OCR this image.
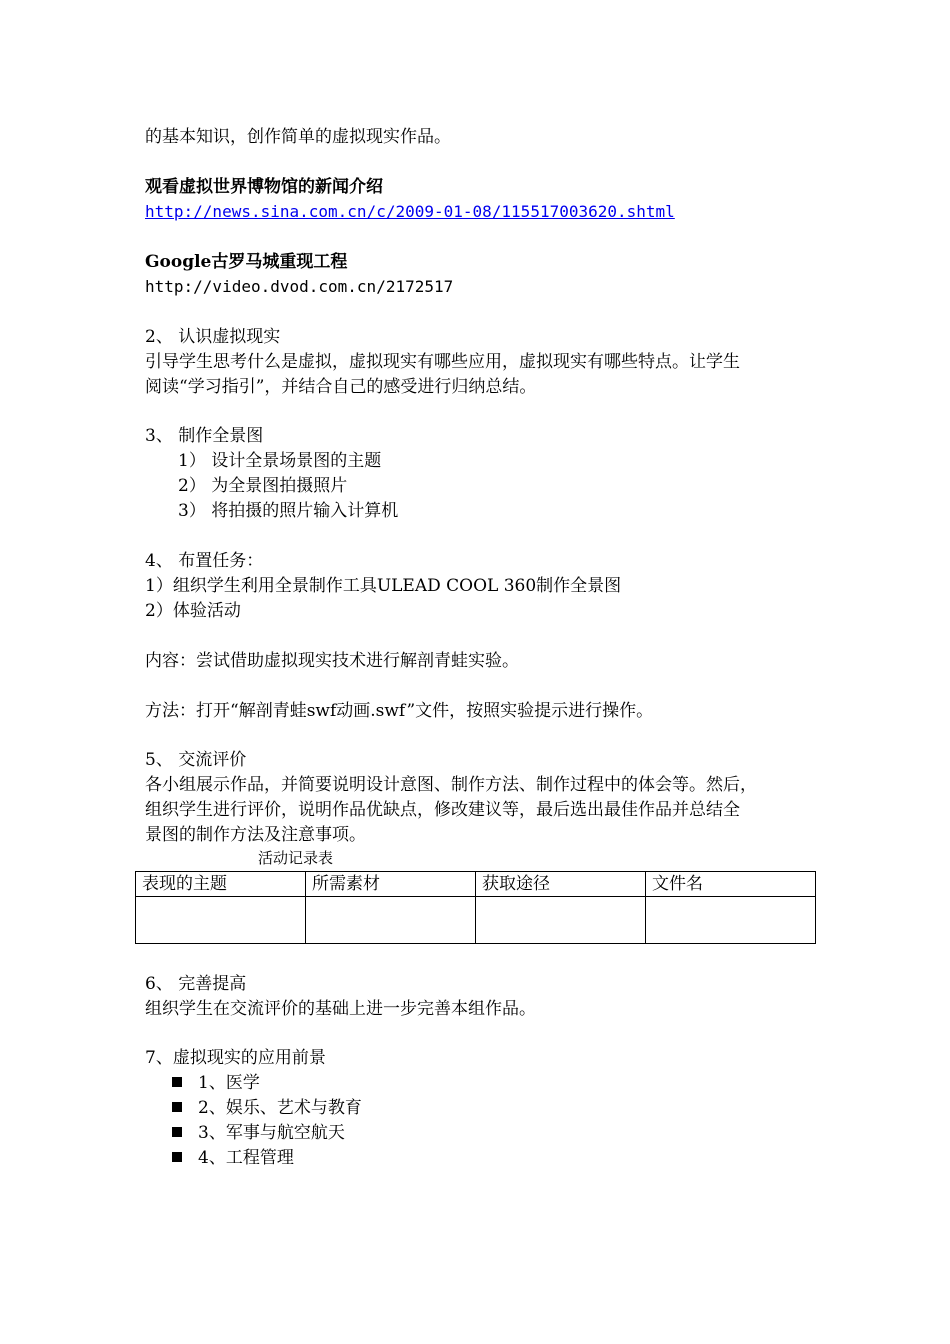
的基本知识，创作简单的虚拟现实作品。
观看虚拟世界博物馆的新闻介绍
http://news.sina.com.cn/c/2009-01-08/115517003620.shtml
Google古罗马城重现工程
http://video.dvod.com.cn/2172517
2、 认识虚拟现实
引导学生思考什么是虚拟，虚拟现实有哪些应用，虚拟现实有哪些特点。让学生
阅读“学习指引”，并结合自己的感受进行归纳总结。
3、 制作全景图
1） 设计全景场景图的主题
2） 为全景图拍摄照片
3） 将拍摄的照片输入计算机
4、 布置任务：
1）组织学生利用全景制作工具ULEAD COOL 360制作全景图
2）体验活动
内容：尝试借助虚拟现实技术进行解剖青蛙实验。
方法：打开“解剖青蛙swf动画.swf”文件，按照实验提示进行操作。
5、 交流评价
各小组展示作品，并简要说明设计意图、制作方法、制作过程中的体会等。然后，
组织学生进行评价，说明作品优缺点，修改建议等，最后选出最佳作品并总结全
景图的制作方法及注意事项。
活动记录表
表现的主题	所需素材	获取途径	文件名

6、 完善提高
组织学生在交流评价的基础上进一步完善本组作品。
7、虚拟现实的应用前景
1、医学
2、娱乐、艺术与教育
3、军事与航空航天
4、工程管理
